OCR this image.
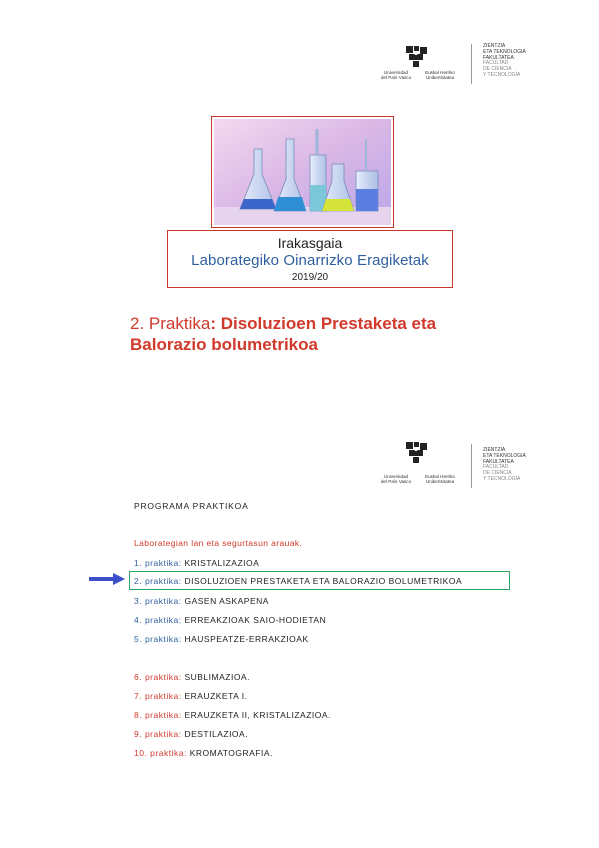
Universidad
del País Vasco
Euskal Herriko
Unibertsitatea
ZIENTZIA
ETA TEKNOLOGIA
FAKULTATEA
FACULTAD
DE CIENCIA
Y TECNOLOGÍA
Irakasgaia
Laborategiko Oinarrizko Eragiketak
2019/20
2. Praktika: Disoluzioen Prestaketa eta
Balorazio bolumetrikoa
Universidad
del País Vasco
Euskal Herriko
Unibertsitatea
ZIENTZIA
ETA TEKNOLOGIA
FAKULTATEA
FACULTAD
DE CIENCIA
Y TECNOLOGÍA
PROGRAMA PRAKTIKOA
Laborategian lan eta segurtasun arauak.
1. praktika: KRISTALIZAZIOA
2. praktika: DISOLUZIOEN PRESTAKETA ETA BALORAZIO BOLUMETRIKOA
3. praktika: GASEN ASKAPENA
4. praktika: ERREAKZIOAK SAIO-HODIETAN
5. praktika: HAUSPEATZE-ERRAKZIOAK
6. praktika: SUBLIMAZIOA.
7. praktika: ERAUZKETA I.
8. praktika: ERAUZKETA II, KRISTALIZAZIOA.
9. praktika: DESTILAZIOA.
10. praktika: KROMATOGRAFIA.
